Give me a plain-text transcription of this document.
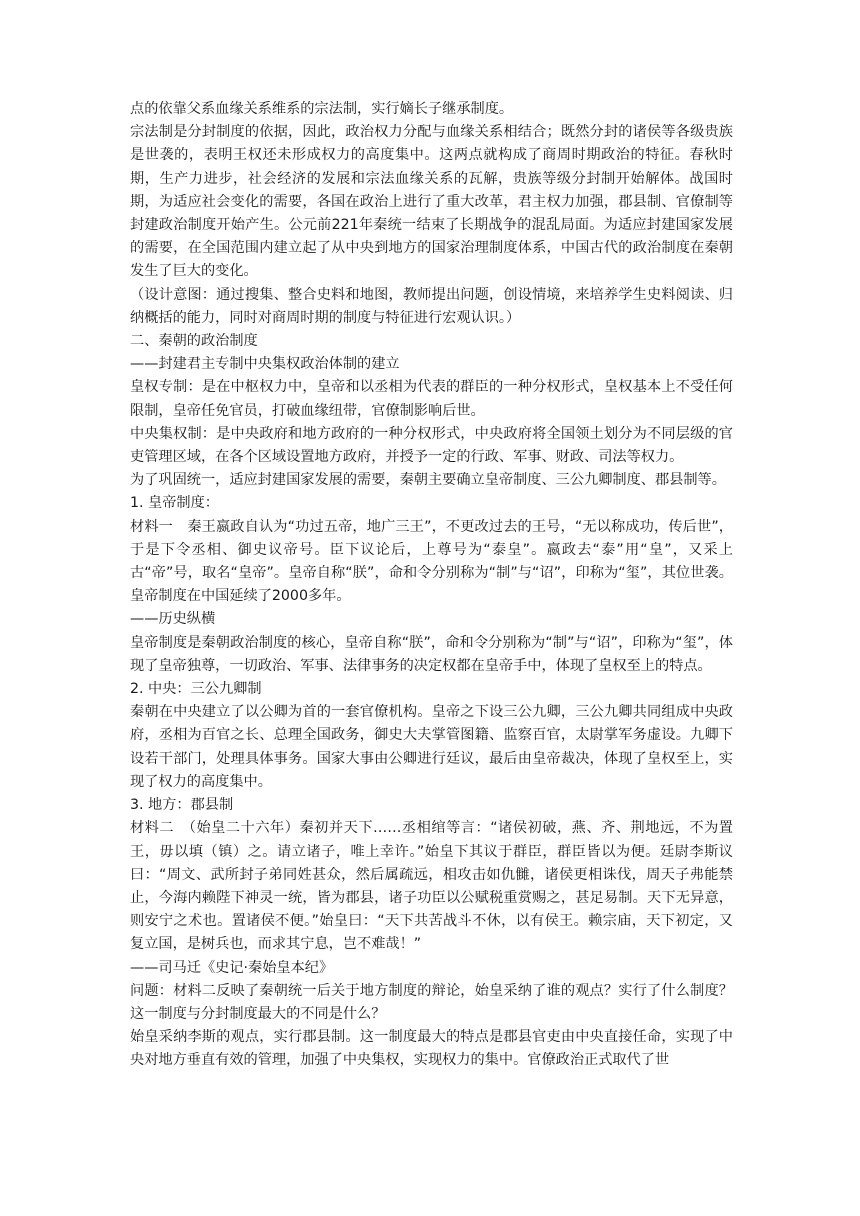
点的依靠父系血缘关系维系的宗法制，实行嫡长子继承制度。

宗法制是分封制度的依据，因此，政治权力分配与血缘关系相结合；既然分封的诸侯等各级贵族是世袭的，表明王权还未形成权力的高度集中。这两点就构成了商周时期政治的特征。春秋时期，生产力进步，社会经济的发展和宗法血缘关系的瓦解，贵族等级分封制开始解体。战国时期，为适应社会变化的需要，各国在政治上进行了重大改革，君主权力加强，郡县制、官僚制等封建政治制度开始产生。公元前221年秦统一结束了长期战争的混乱局面。为适应封建国家发展的需要，在全国范围内建立起了从中央到地方的国家治理制度体系，中国古代的政治制度在秦朝发生了巨大的变化。

（设计意图：通过搜集、整合史料和地图，教师提出问题，创设情境，来培养学生史料阅读、归纳概括的能力，同时对商周时期的制度与特征进行宏观认识。）

二、秦朝的政治制度

——封建君主专制中央集权政治体制的建立

皇权专制：是在中枢权力中，皇帝和以丞相为代表的群臣的一种分权形式，皇权基本上不受任何限制，皇帝任免官员，打破血缘纽带，官僚制影响后世。

中央集权制：是中央政府和地方政府的一种分权形式，中央政府将全国领土划分为不同层级的官吏管理区域，在各个区域设置地方政府，并授予一定的行政、军事、财政、司法等权力。

为了巩固统一，适应封建国家发展的需要，秦朝主要确立皇帝制度、三公九卿制度、郡县制等。

1. 皇帝制度：

材料一　秦王嬴政自认为“功过五帝，地广三王”，不更改过去的王号，“无以称成功，传后世”，于是下令丞相、御史议帝号。臣下议论后，上尊号为“泰皇”。嬴政去“泰”用“皇”，又采上古“帝”号，取名“皇帝”。皇帝自称“朕”，命和令分别称为“制”与“诏”，印称为“玺”，其位世袭。皇帝制度在中国延续了2000多年。

——历史纵横

皇帝制度是秦朝政治制度的核心，皇帝自称“朕”，命和令分别称为“制”与“诏”，印称为“玺”，体现了皇帝独尊，一切政治、军事、法律事务的决定权都在皇帝手中，体现了皇权至上的特点。

2. 中央：三公九卿制

秦朝在中央建立了以公卿为首的一套官僚机构。皇帝之下设三公九卿，三公九卿共同组成中央政府，丞相为百官之长、总理全国政务，御史大夫掌管图籍、监察百官，太尉掌军务虚设。九卿下设若干部门，处理具体事务。国家大事由公卿进行廷议，最后由皇帝裁决，体现了皇权至上，实现了权力的高度集中。

3. 地方：郡县制

材料二　（始皇二十六年）秦初并天下……丞相绾等言：“诸侯初破，燕、齐、荆地远，不为置王，毋以填（镇）之。请立诸子，唯上幸许。”始皇下其议于群臣，群臣皆以为便。廷尉李斯议曰：“周文、武所封子弟同姓甚众，然后属疏远，相攻击如仇雠，诸侯更相诛伐，周天子弗能禁止，今海内赖陛下神灵一统，皆为郡县，诸子功臣以公赋税重赏赐之，甚足易制。天下无异意，则安宁之术也。置诸侯不便。”始皇曰：“天下共苦战斗不休，以有侯王。赖宗庙，天下初定，又复立国，是树兵也，而求其宁息，岂不难哉！”

——司马迁《史记·秦始皇本纪》

问题：材料二反映了秦朝统一后关于地方制度的辩论，始皇采纳了谁的观点？实行了什么制度？这一制度与分封制度最大的不同是什么？

始皇采纳李斯的观点，实行郡县制。这一制度最大的特点是郡县官吏由中央直接任命，实现了中央对地方垂直有效的管理，加强了中央集权，实现权力的集中。官僚政治正式取代了世
